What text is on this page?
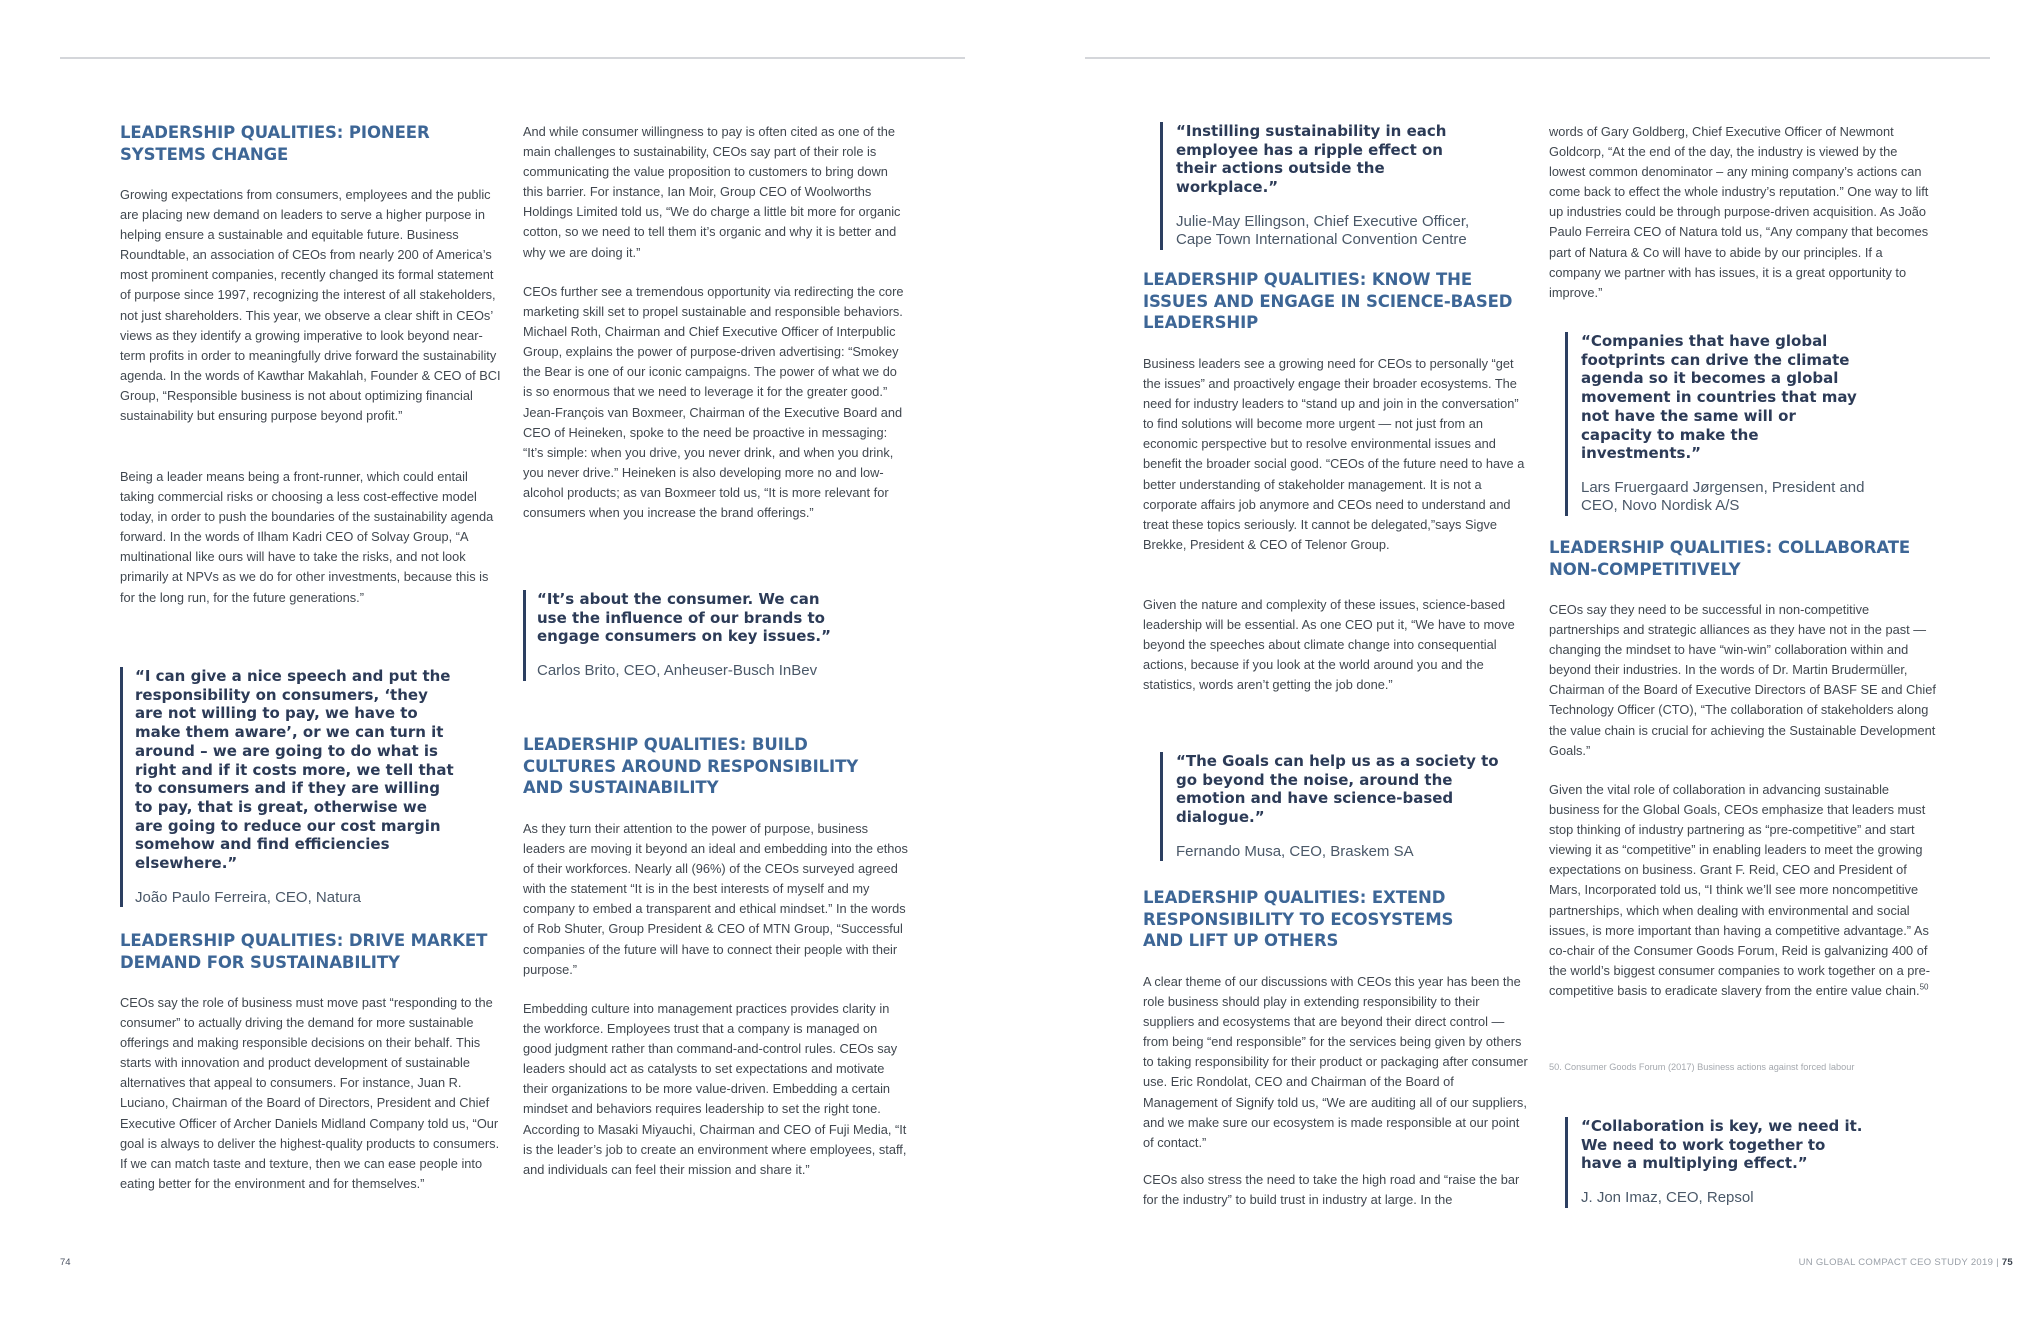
LEADERSHIP QUALITIES: PIONEER SYSTEMS CHANGE

Growing expectations from consumers, employees and the public are placing new demand on leaders to serve a higher purpose in helping ensure a sustainable and equitable future. Business Roundtable, an association of CEOs from nearly 200 of America’s most prominent companies, recently changed its formal statement of purpose since 1997, recognizing the interest of all stakeholders, not just shareholders. This year, we observe a clear shift in CEOs’ views as they identify a growing imperative to look beyond near-term profits in order to meaningfully drive forward the sustainability agenda. In the words of Kawthar Makahlah, Founder & CEO of BCI Group, “Responsible business is not about optimizing financial sustainability but ensuring purpose beyond profit.”

Being a leader means being a front-runner, which could entail taking commercial risks or choosing a less cost-effective model today, in order to push the boundaries of the sustainability agenda forward. In the words of Ilham Kadri CEO of Solvay Group, “A multinational like ours will have to take the risks, and not look primarily at NPVs as we do for other investments, because this is for the long run, for the future generations.”

“I can give a nice speech and put the responsibility on consumers, ‘they are not willing to pay, we have to make them aware’, or we can turn it around – we are going to do what is right and if it costs more, we tell that to consumers and if they are willing to pay, that is great, otherwise we are going to reduce our cost margin somehow and find efficiencies elsewhere.”

João Paulo Ferreira, CEO, Natura

LEADERSHIP QUALITIES: DRIVE MARKET DEMAND FOR SUSTAINABILITY

CEOs say the role of business must move past “responding to the consumer” to actually driving the demand for more sustainable offerings and making responsible decisions on their behalf. This starts with innovation and product development of sustainable alternatives that appeal to consumers. For instance, Juan R. Luciano, Chairman of the Board of Directors, President and Chief Executive Officer of Archer Daniels Midland Company told us, “Our goal is always to deliver the highest-quality products to consumers. If we can match taste and texture, then we can ease people into eating better for the environment and for themselves.”

And while consumer willingness to pay is often cited as one of the main challenges to sustainability, CEOs say part of their role is communicating the value proposition to customers to bring down this barrier. For instance, Ian Moir, Group CEO of Woolworths Holdings Limited told us, “We do charge a little bit more for organic cotton, so we need to tell them it’s organic and why it is better and why we are doing it.”

CEOs further see a tremendous opportunity via redirecting the core marketing skill set to propel sustainable and responsible behaviors. Michael Roth, Chairman and Chief Executive Officer of Interpublic Group, explains the power of purpose-driven advertising: “Smokey the Bear is one of our iconic campaigns. The power of what we do is so enormous that we need to leverage it for the greater good.” Jean-François van Boxmeer, Chairman of the Executive Board and CEO of Heineken, spoke to the need be proactive in messaging: “It’s simple: when you drive, you never drink, and when you drink, you never drive.” Heineken is also developing more no and low-alcohol products; as van Boxmeer told us, “It is more relevant for consumers when you increase the brand offerings.”

“It’s about the consumer. We can use the influence of our brands to engage consumers on key issues.”

Carlos Brito, CEO, Anheuser-Busch InBev

LEADERSHIP QUALITIES: BUILD CULTURES AROUND RESPONSIBILITY AND SUSTAINABILITY

As they turn their attention to the power of purpose, business leaders are moving it beyond an ideal and embedding into the ethos of their workforces. Nearly all (96%) of the CEOs surveyed agreed with the statement “It is in the best interests of myself and my company to embed a transparent and ethical mindset.” In the words of Rob Shuter, Group President & CEO of MTN Group, “Successful companies of the future will have to connect their people with their purpose.”

Embedding culture into management practices provides clarity in the workforce. Employees trust that a company is managed on good judgment rather than command-and-control rules. CEOs say leaders should act as catalysts to set expectations and motivate their organizations to be more value-driven. Embedding a certain mindset and behaviors requires leadership to set the right tone. According to Masaki Miyauchi, Chairman and CEO of Fuji Media, “It is the leader’s job to create an environment where employees, staff, and individuals can feel their mission and share it.”

“Instilling sustainability in each employee has a ripple effect on their actions outside the workplace.”

Julie-May Ellingson, Chief Executive Officer, Cape Town International Convention Centre

LEADERSHIP QUALITIES: KNOW THE ISSUES AND ENGAGE IN SCIENCE-BASED LEADERSHIP

Business leaders see a growing need for CEOs to personally “get the issues” and proactively engage their broader ecosystems. The need for industry leaders to “stand up and join in the conversation” to find solutions will become more urgent — not just from an economic perspective but to resolve environmental issues and benefit the broader social good. “CEOs of the future need to have a better understanding of stakeholder management. It is not a corporate affairs job anymore and CEOs need to understand and treat these topics seriously. It cannot be delegated,”says Sigve Brekke, President & CEO of Telenor Group.

Given the nature and complexity of these issues, science-based leadership will be essential. As one CEO put it, “We have to move beyond the speeches about climate change into consequential actions, because if you look at the world around you and the statistics, words aren’t getting the job done.”

“The Goals can help us as a society to go beyond the noise, around the emotion and have science-based dialogue.”

Fernando Musa, CEO, Braskem SA

LEADERSHIP QUALITIES: EXTEND RESPONSIBILITY TO ECOSYSTEMS AND LIFT UP OTHERS

A clear theme of our discussions with CEOs this year has been the role business should play in extending responsibility to their suppliers and ecosystems that are beyond their direct control — from being “end responsible” for the services being given by others to taking responsibility for their product or packaging after consumer use. Eric Rondolat, CEO and Chairman of the Board of Management of Signify told us, “We are auditing all of our suppliers, and we make sure our ecosystem is made responsible at our point of contact.”

CEOs also stress the need to take the high road and “raise the bar for the industry” to build trust in industry at large. In the

words of Gary Goldberg, Chief Executive Officer of Newmont Goldcorp, “At the end of the day, the industry is viewed by the lowest common denominator – any mining company’s actions can come back to effect the whole industry’s reputation.” One way to lift up industries could be through purpose-driven acquisition. As João Paulo Ferreira CEO of Natura told us, “Any company that becomes part of Natura & Co will have to abide by our principles. If a company we partner with has issues, it is a great opportunity to improve.”

“Companies that have global footprints can drive the climate agenda so it becomes a global movement in countries that may not have the same will or capacity to make the investments.”

Lars Fruergaard Jørgensen, President and CEO, Novo Nordisk A/S

LEADERSHIP QUALITIES: COLLABORATE NON-COMPETITIVELY

CEOs say they need to be successful in non-competitive partnerships and strategic alliances as they have not in the past — changing the mindset to have “win-win” collaboration within and beyond their industries. In the words of Dr. Martin Brudermüller, Chairman of the Board of Executive Directors of BASF SE and Chief Technology Officer (CTO), “The collaboration of stakeholders along the value chain is crucial for achieving the Sustainable Development Goals.”

Given the vital role of collaboration in advancing sustainable business for the Global Goals, CEOs emphasize that leaders must stop thinking of industry partnering as “pre-competitive” and start viewing it as “competitive” in enabling leaders to meet the growing expectations on business. Grant F. Reid, CEO and President of Mars, Incorporated told us, “I think we’ll see more noncompetitive partnerships, which when dealing with environmental and social issues, is more important than having a competitive advantage.” As co-chair of the Consumer Goods Forum, Reid is galvanizing 400 of the world’s biggest consumer companies to work together on a pre-competitive basis to eradicate slavery from the entire value chain.$^{50}$

50. Consumer Goods Forum (2017) Business actions against forced labour

“Collaboration is key, we need it. We need to work together to have a multiplying effect.”

J. Jon Imaz, CEO, Repsol

74	UN GLOBAL COMPACT CEO STUDY 2019 | 75
